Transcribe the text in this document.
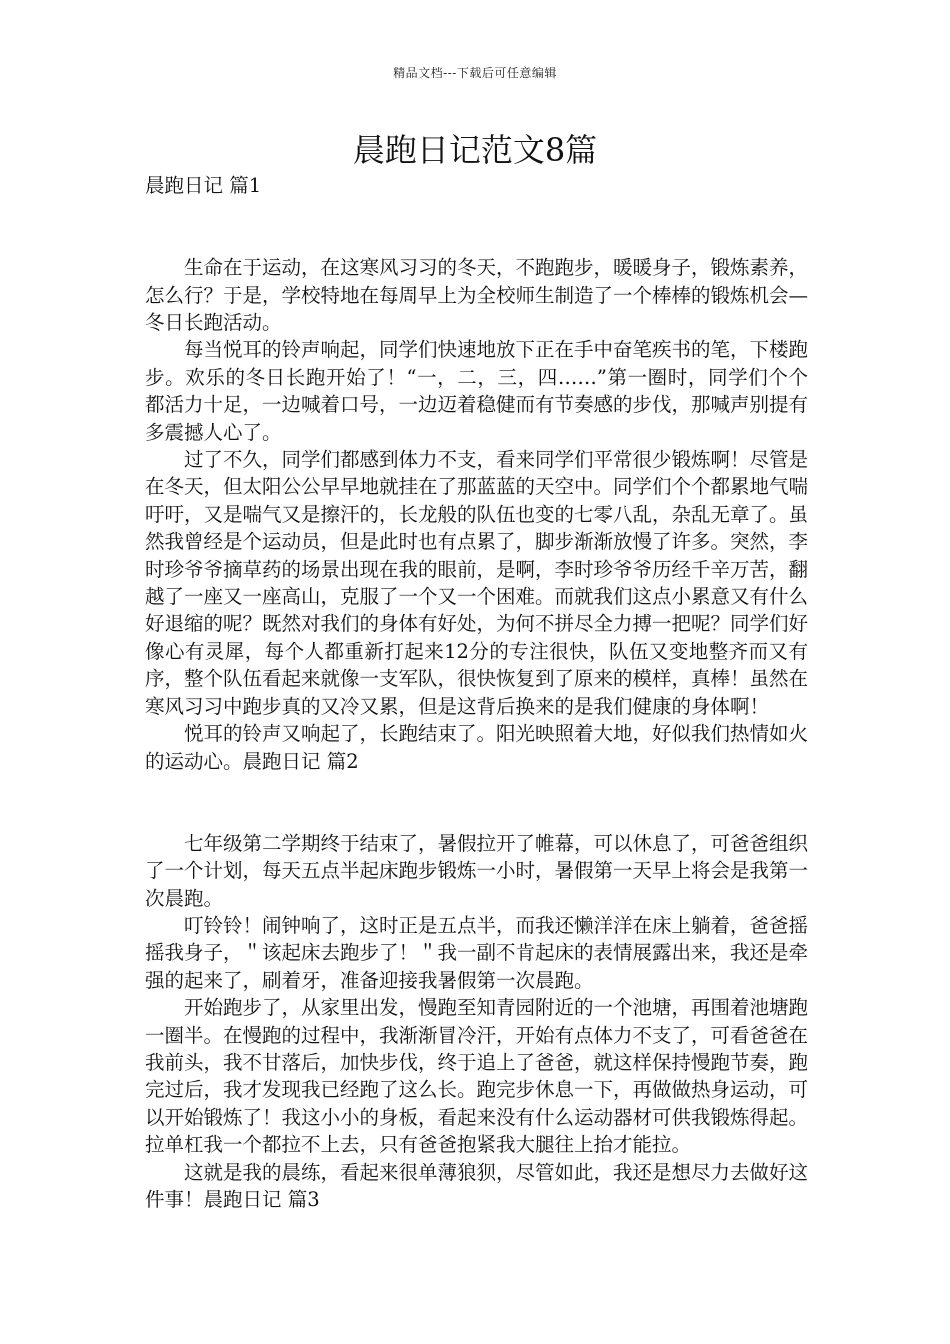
精品文档---下载后可任意编辑
晨跑日记范文8篇
晨跑日记 篇1

生命在于运动，在这寒风习习的冬天，不跑跑步，暖暖身子，锻炼素养，怎么行？于是，学校特地在每周早上为全校师生制造了一个棒棒的锻炼机会—冬日长跑活动。

每当悦耳的铃声响起，同学们快速地放下正在手中奋笔疾书的笔，下楼跑步。欢乐的冬日长跑开始了！“一，二，三，四……”第一圈时，同学们个个都活力十足，一边喊着口号，一边迈着稳健而有节奏感的步伐，那喊声别提有多震撼人心了。

过了不久，同学们都感到体力不支，看来同学们平常很少锻炼啊！尽管是在冬天，但太阳公公早早地就挂在了那蓝蓝的天空中。同学们个个都累地气喘吁吁，又是喘气又是擦汗的，长龙般的队伍也变的七零八乱，杂乱无章了。虽然我曾经是个运动员，但是此时也有点累了，脚步渐渐放慢了许多。突然，李时珍爷爷摘草药的场景出现在我的眼前，是啊，李时珍爷爷历经千辛万苦，翻越了一座又一座高山，克服了一个又一个困难。而就我们这点小累意又有什么好退缩的呢？既然对我们的身体有好处，为何不拼尽全力搏一把呢？同学们好像心有灵犀，每个人都重新打起来12分的专注很快，队伍又变地整齐而又有序，整个队伍看起来就像一支军队，很快恢复到了原来的模样，真棒！虽然在寒风习习中跑步真的又冷又累，但是这背后换来的是我们健康的身体啊！

悦耳的铃声又响起了，长跑结束了。阳光映照着大地，好似我们热情如火的运动心。晨跑日记 篇2

七年级第二学期终于结束了，暑假拉开了帷幕，可以休息了，可爸爸组织了一个计划，每天五点半起床跑步锻炼一小时，暑假第一天早上将会是我第一次晨跑。

叮铃铃！闹钟响了，这时正是五点半，而我还懒洋洋在床上躺着，爸爸摇摇我身子，＂该起床去跑步了！＂我一副不肯起床的表情展露出来，我还是牵强的起来了，刷着牙，准备迎接我暑假第一次晨跑。

开始跑步了，从家里出发，慢跑至知青园附近的一个池塘，再围着池塘跑一圈半。在慢跑的过程中，我渐渐冒冷汗，开始有点体力不支了，可看爸爸在我前头，我不甘落后，加快步伐，终于追上了爸爸，就这样保持慢跑节奏，跑完过后，我才发现我已经跑了这么长。跑完步休息一下，再做做热身运动，可以开始锻炼了！我这小小的身板，看起来没有什么运动器材可供我锻炼得起。拉单杠我一个都拉不上去，只有爸爸抱紧我大腿往上抬才能拉。

这就是我的晨练，看起来很单薄狼狈，尽管如此，我还是想尽力去做好这件事！晨跑日记 篇3
